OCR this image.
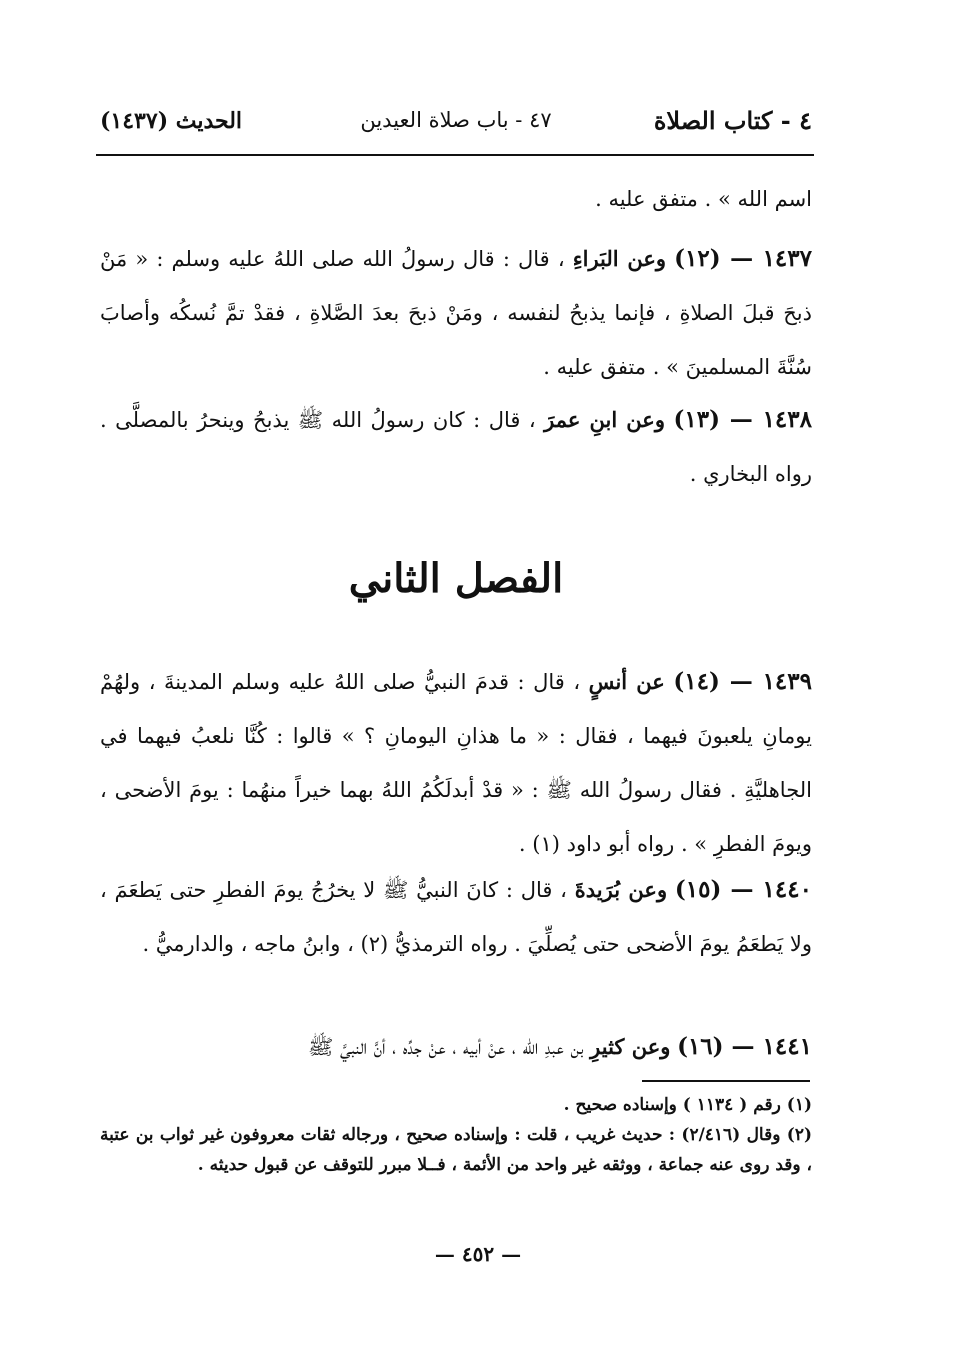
٤ - كتاب الصلاة
٤٧ - باب صلاة العيدين
الحديث (١٤٣٧)
اسم الله » . متفق عليه .
١٤٣٧ — (١٢) وعن البَراءِ ، قال : قال رسولُ الله صلى اللهُ عليه وسلم : « مَنْ ذبحَ قبلَ الصلاةِ ، فإنما يذبحُ لنفسه ، ومَنْ ذبحَ بعدَ الصَّلاةِ ، فقدْ تمَّ نُسكُه وأصابَ سُنَّةَ المسلمينَ » . متفق عليه .
١٤٣٨ — (١٣) وعن ابنِ عمرَ ، قال : كان رسولُ الله ﷺ يذبحُ وينحرُ بالمصلَّى . رواه البخاري .
الفصل الثاني
١٤٣٩ — (١٤) عن أنسٍ ، قال : قدمَ النبيُّ صلى اللهُ عليه وسلم المدينةَ ، ولهُمْ يومانِ يلعبونَ فيهما ، فقال : « ما هذانِ اليومانِ ؟ » قالوا : كُنَّا نلعبُ فيهما في الجاهليَّةِ . فقال رسولُ الله ﷺ : « قدْ أبدلَكُمُ اللهُ بهما خيراً منهُما : يومَ الأضحى ، ويومَ الفطرِ » . رواه أبو داود (١) .
١٤٤٠ — (١٥) وعن بُرَيدةَ ، قال : كانَ النبيُّ ﷺ لا يخرُجُ يومَ الفطرِ حتى يَطعَمَ ، ولا يَطعَمُ يومَ الأضحى حتى يُصلِّيَ . رواه الترمذيُّ (٢) ، وابنُ ماجه ، والدارميُّ .
١٤٤١ — (١٦) وعن كثيرِ بن عبدِ الله ، عنْ أبيه ، عنْ جدِّه ، أنَّ النبيَّ ﷺ
(١) رقم ( ١١٣٤ ) وإسناده صحيح .
(٢) وقال (٢/٤١٦) : حديث غريب ، قلت : وإسناده صحيح ، ورجاله ثقات معروفون غير ثواب بن عتبة ، وقد روى عنه جماعة ، ووثقه غير واحد من الأئمة ، فــلا مبرر للتوقف عن قبول حديثه .
— ٤٥٢ —
